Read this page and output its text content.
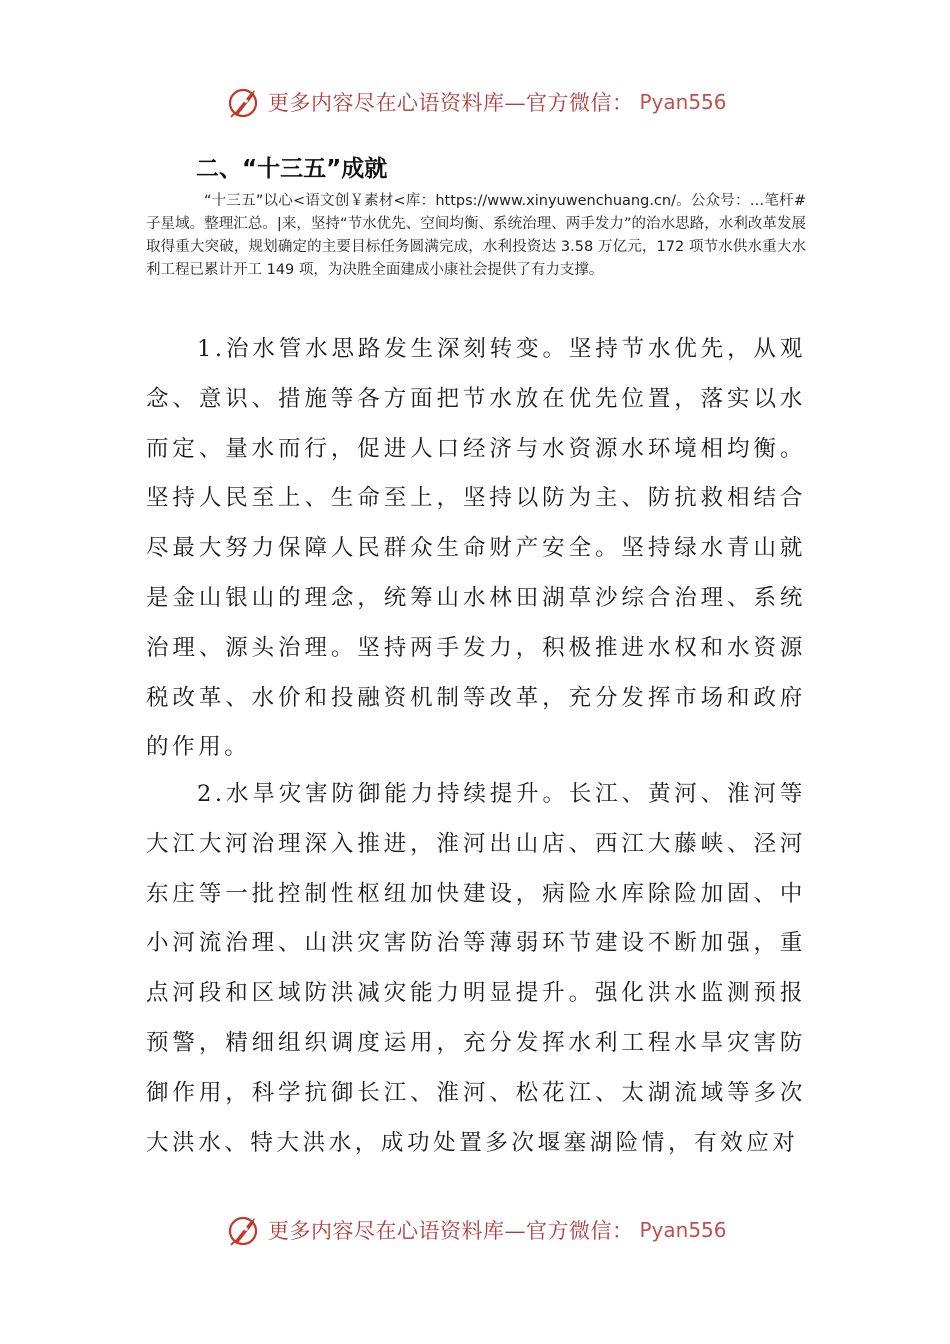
更多内容尽在心语资料库—官方微信： Pyan556
二、“十三五”成就

“十三五”以心<语文创￥素材<库：https://www.xinyuwenchuang.cn/。公众号：…笔杆#子星域。整理汇总。|来，坚持“节水优先、空间均衡、系统治理、两手发力”的治水思路，水利改革发展取得重大突破，规划确定的主要目标任务圆满完成，水利投资达 3.58 万亿元，172 项节水供水重大水利工程已累计开工 149 项，为决胜全面建成小康社会提供了有力支撑。

1.治水管水思路发生深刻转变。坚持节水优先，从观念、意识、措施等各方面把节水放在优先位置，落实以水而定、量水而行，促进人口经济与水资源水环境相均衡。坚持人民至上、生命至上，坚持以防为主、防抗救相结合尽最大努力保障人民群众生命财产安全。坚持绿水青山就是金山银山的理念，统筹山水林田湖草沙综合治理、系统治理、源头治理。坚持两手发力，积极推进水权和水资源税改革、水价和投融资机制等改革，充分发挥市场和政府的作用。

2.水旱灾害防御能力持续提升。长江、黄河、淮河等大江大河治理深入推进，淮河出山店、西江大藤峡、泾河东庄等一批控制性枢纽加快建设，病险水库除险加固、中小河流治理、山洪灾害防治等薄弱环节建设不断加强，重点河段和区域防洪减灾能力明显提升。强化洪水监测预报预警，精细组织调度运用，充分发挥水利工程水旱灾害防御作用，科学抗御长江、淮河、松花江、太湖流域等多次大洪水、特大洪水，成功处置多次堰塞湖险情，有效应对

更多内容尽在心语资料库—官方微信： Pyan556
